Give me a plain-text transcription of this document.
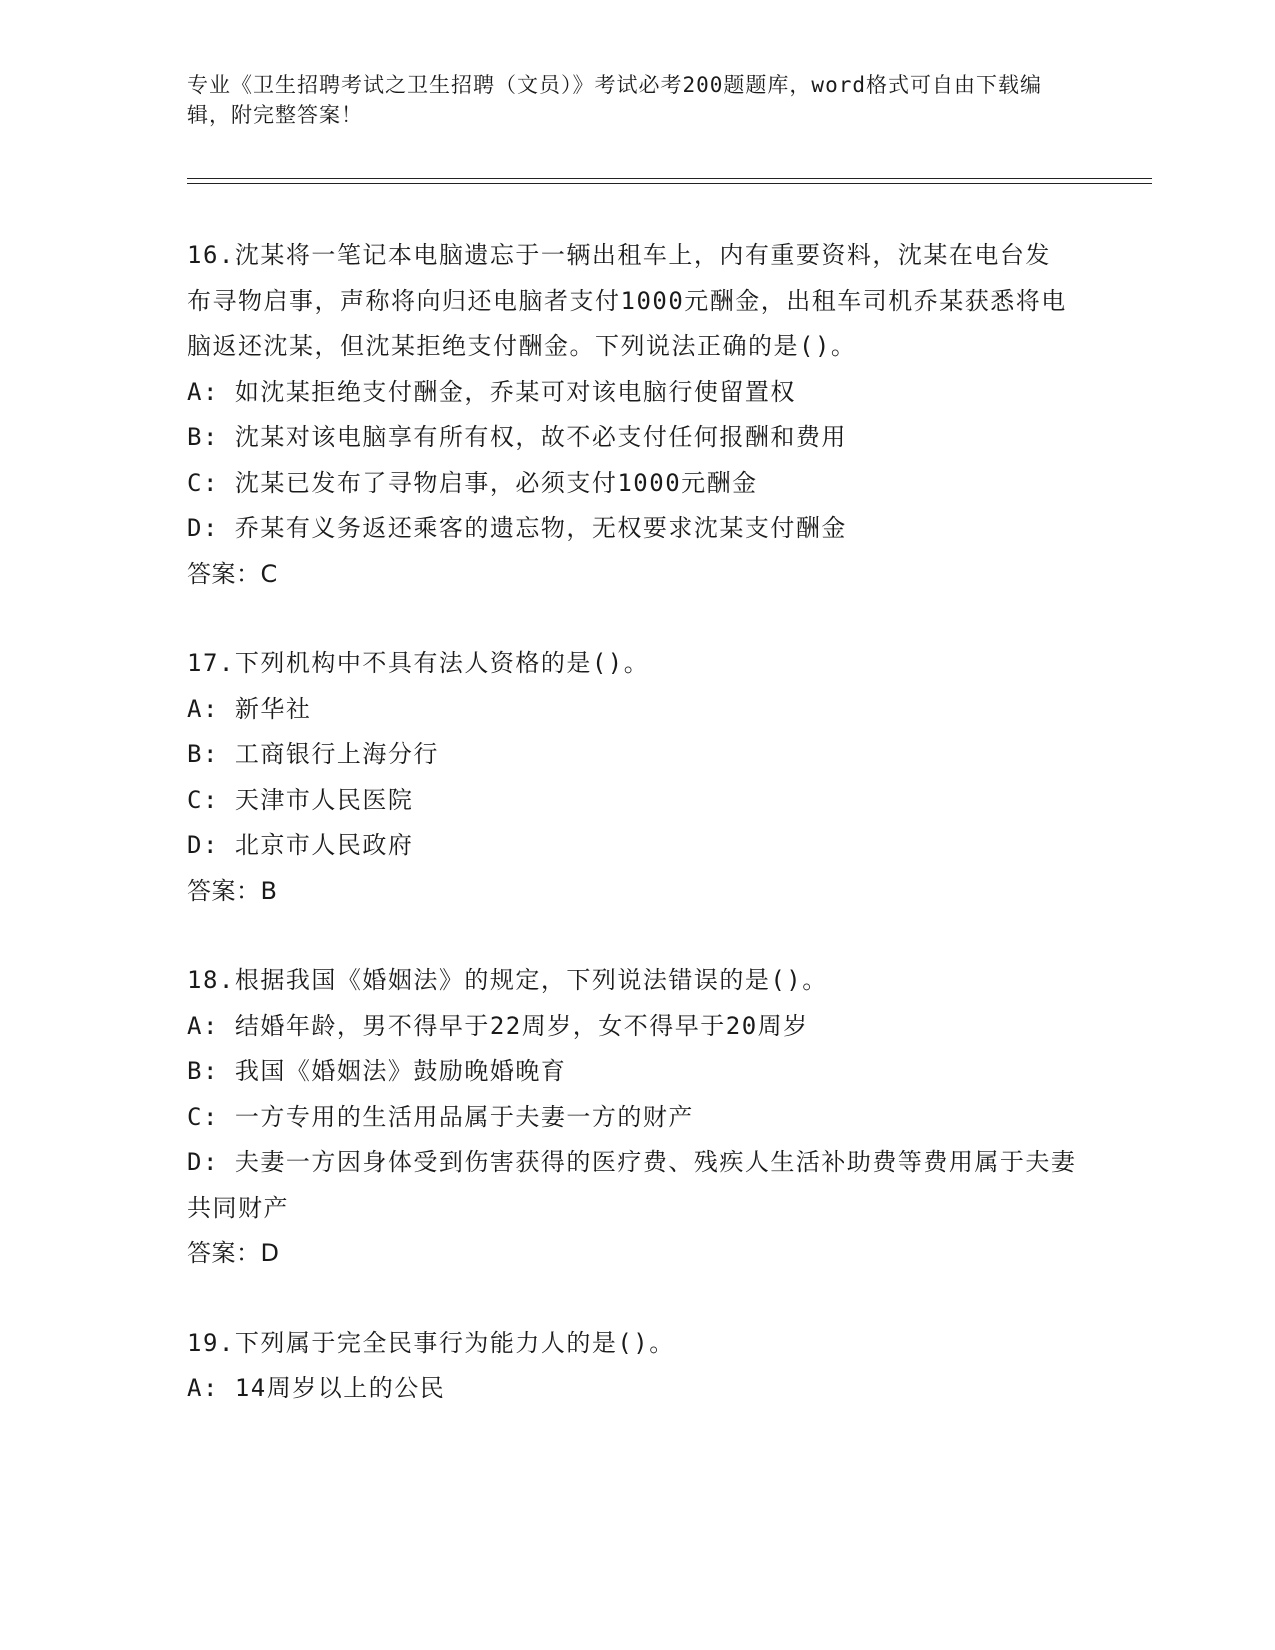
专业《卫生招聘考试之卫生招聘（文员）》考试必考200题题库，word格式可自由下载编辑，附完整答案！

16.沈某将一笔记本电脑遗忘于一辆出租车上，内有重要资料，沈某在电台发布寻物启事，声称将向归还电脑者支付1000元酬金，出租车司机乔某获悉将电脑返还沈某，但沈某拒绝支付酬金。下列说法正确的是()。

A: 如沈某拒绝支付酬金，乔某可对该电脑行使留置权

B: 沈某对该电脑享有所有权，故不必支付任何报酬和费用

C: 沈某已发布了寻物启事，必须支付1000元酬金

D: 乔某有义务返还乘客的遗忘物，无权要求沈某支付酬金

答案：C

17.下列机构中不具有法人资格的是()。

A: 新华社

B: 工商银行上海分行

C: 天津市人民医院

D: 北京市人民政府

答案：B

18.根据我国《婚姻法》的规定，下列说法错误的是()。

A: 结婚年龄，男不得早于22周岁，女不得早于20周岁

B: 我国《婚姻法》鼓励晚婚晚育

C: 一方专用的生活用品属于夫妻一方的财产

D: 夫妻一方因身体受到伤害获得的医疗费、残疾人生活补助费等费用属于夫妻共同财产

答案：D

19.下列属于完全民事行为能力人的是()。

A: 14周岁以上的公民
